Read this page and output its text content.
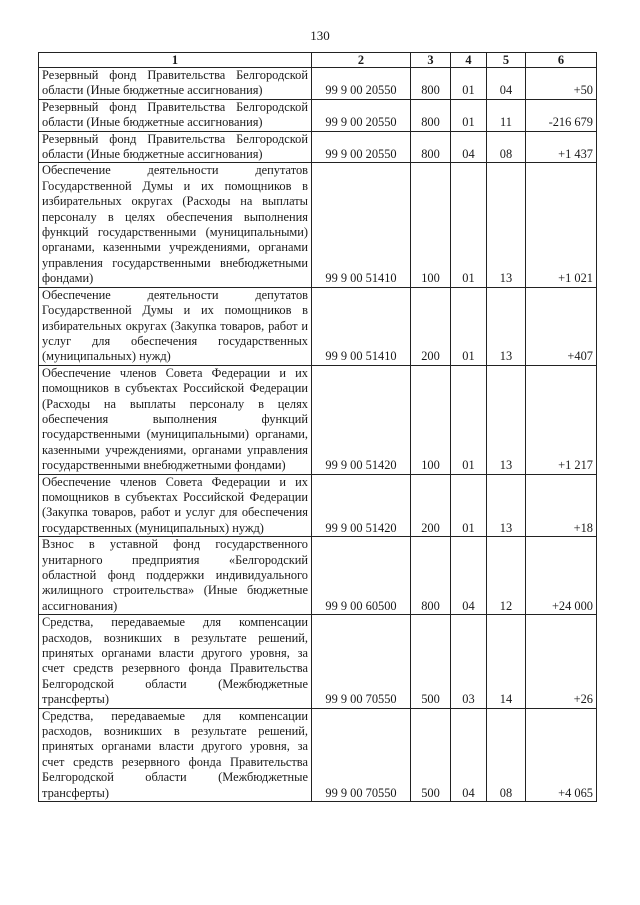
130
1	2	3	4	5	6
Резервный фонд Правительства Белгородской области (Иные бюджетные ассигнования)	99 9 00 20550	800	01	04	+50
Резервный фонд Правительства Белгородской области (Иные бюджетные ассигнования)	99 9 00 20550	800	01	11	-216 679
Резервный фонд Правительства Белгородской области (Иные бюджетные ассигнования)	99 9 00 20550	800	04	08	+1 437
Обеспечение деятельности депутатов Государственной Думы и их помощников в избирательных округах (Расходы на выплаты персоналу в целях обеспечения выполнения функций государственными (муниципальными) органами, казенными учреждениями, органами управления государственными внебюджетными фондами)	99 9 00 51410	100	01	13	+1 021
Обеспечение деятельности депутатов Государственной Думы и их помощников в избирательных округах (Закупка товаров, работ и услуг для обеспечения государственных (муниципальных) нужд)	99 9 00 51410	200	01	13	+407
Обеспечение членов Совета Федерации и их помощников в субъектах Российской Федерации (Расходы на выплаты персоналу в целях обеспечения выполнения функций государственными (муниципальными) органами, казенными учреждениями, органами управления государственными внебюджетными фондами)	99 9 00 51420	100	01	13	+1 217
Обеспечение членов Совета Федерации и их помощников в субъектах Российской Федерации (Закупка товаров, работ и услуг для обеспечения государственных (муниципальных) нужд)	99 9 00 51420	200	01	13	+18
Взнос в уставной фонд государственного унитарного предприятия «Белгородский областной фонд поддержки индивидуального жилищного строительства» (Иные бюджетные ассигнования)	99 9 00 60500	800	04	12	+24 000
Средства, передаваемые для компенсации расходов, возникших в результате решений, принятых органами власти другого уровня, за счет средств резервного фонда Правительства Белгородской области (Межбюджетные трансферты)	99 9 00 70550	500	03	14	+26
Средства, передаваемые для компенсации расходов, возникших в результате решений, принятых органами власти другого уровня, за счет средств резервного фонда Правительства Белгородской области (Межбюджетные трансферты)	99 9 00 70550	500	04	08	+4 065
